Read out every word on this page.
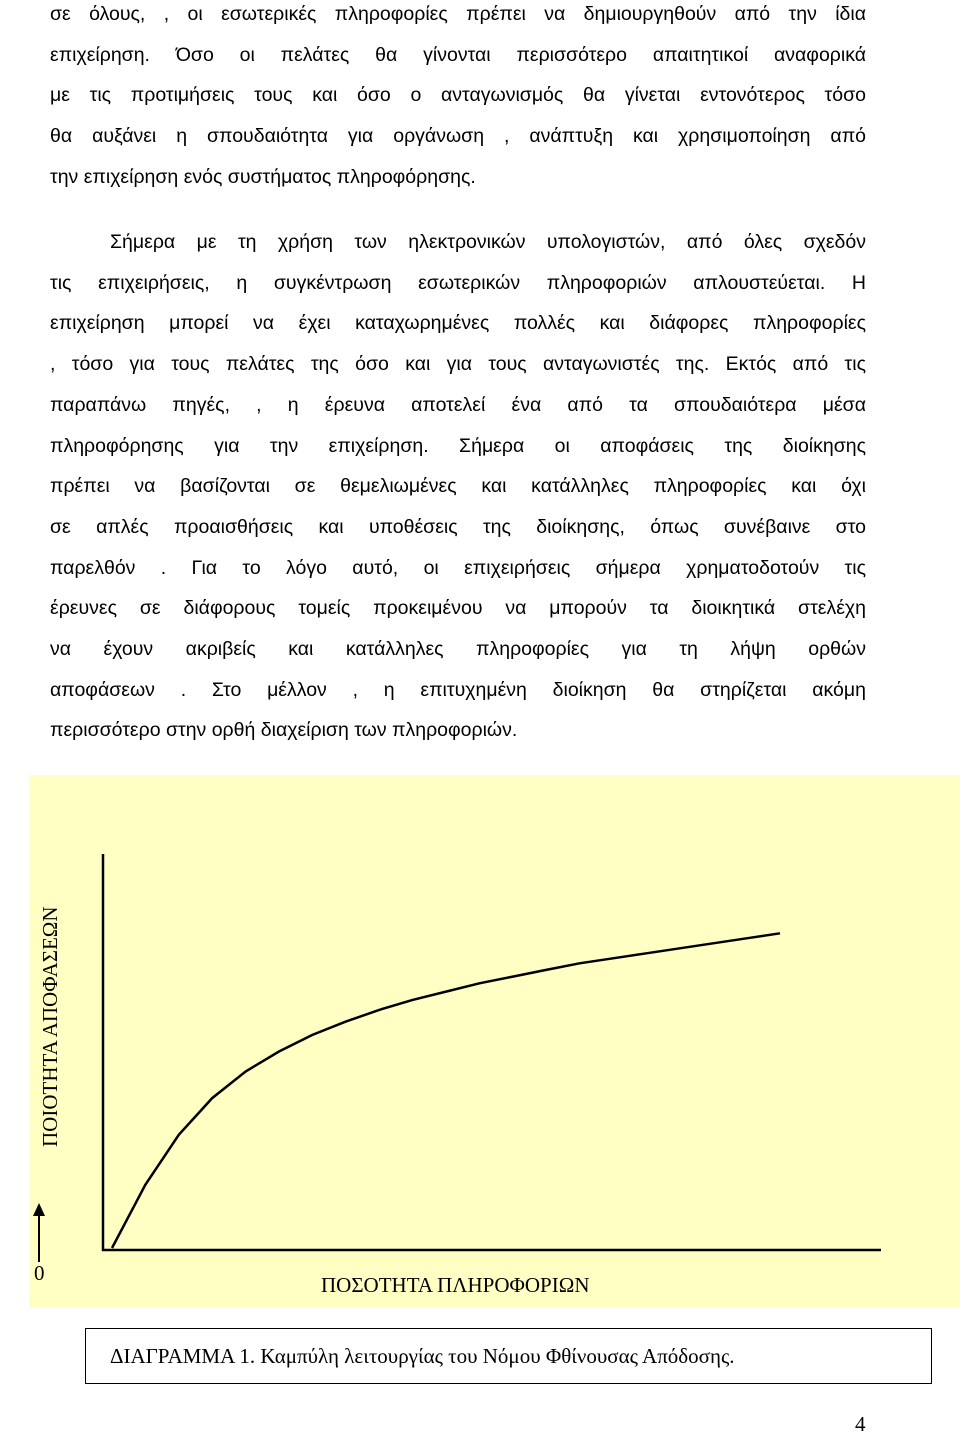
σε όλους, , οι εσωτερικές πληροφορίες πρέπει να δημιουργηθούν από την ίδια
επιχείρηση. Όσο οι πελάτες θα γίνονται περισσότερο απαιτητικοί αναφορικά
με τις προτιμήσεις τους και όσο ο ανταγωνισμός θα γίνεται εντονότερος τόσο
θα αυξάνει η σπουδαιότητα για οργάνωση , ανάπτυξη και χρησιμοποίηση από
την επιχείρηση ενός συστήματος πληροφόρησης.
Σήμερα με τη χρήση των ηλεκτρονικών υπολογιστών, από όλες σχεδόν
τις επιχειρήσεις, η συγκέντρωση εσωτερικών πληροφοριών απλουστεύεται. Η
επιχείρηση μπορεί να έχει καταχωρημένες πολλές και διάφορες πληροφορίες
, τόσο για τους πελάτες της όσο και για τους ανταγωνιστές της. Εκτός από τις
παραπάνω πηγές, , η έρευνα αποτελεί ένα από τα σπουδαιότερα μέσα
πληροφόρησης για την επιχείρηση. Σήμερα οι αποφάσεις της διοίκησης
πρέπει να βασίζονται σε θεμελιωμένες και κατάλληλες πληροφορίες και όχι
σε απλές προαισθήσεις και υποθέσεις της διοίκησης, όπως συνέβαινε στο
παρελθόν . Για το λόγο αυτό, οι επιχειρήσεις σήμερα χρηματοδοτούν τις
έρευνες σε διάφορους τομείς προκειμένου να μπορούν τα διοικητικά στελέχη
να έχουν ακριβείς και κατάλληλες πληροφορίες για τη λήψη ορθών
αποφάσεων . Στο μέλλον , η επιτυχημένη διοίκηση θα στηρίζεται ακόμη
περισσότερο στην ορθή διαχείριση των πληροφοριών.
ΠΟΙΟΤΗΤΑ ΑΠΟΦΑΣΕΩΝ
0	ΠΟΣΟΤΗΤΑ ΠΛΗΡΟΦΟΡΙΩΝ
ΔΙΑΓΡΑΜΜΑ 1. Καμπύλη λειτουργίας του Νόμου Φθίνουσας Απόδοσης.
4
